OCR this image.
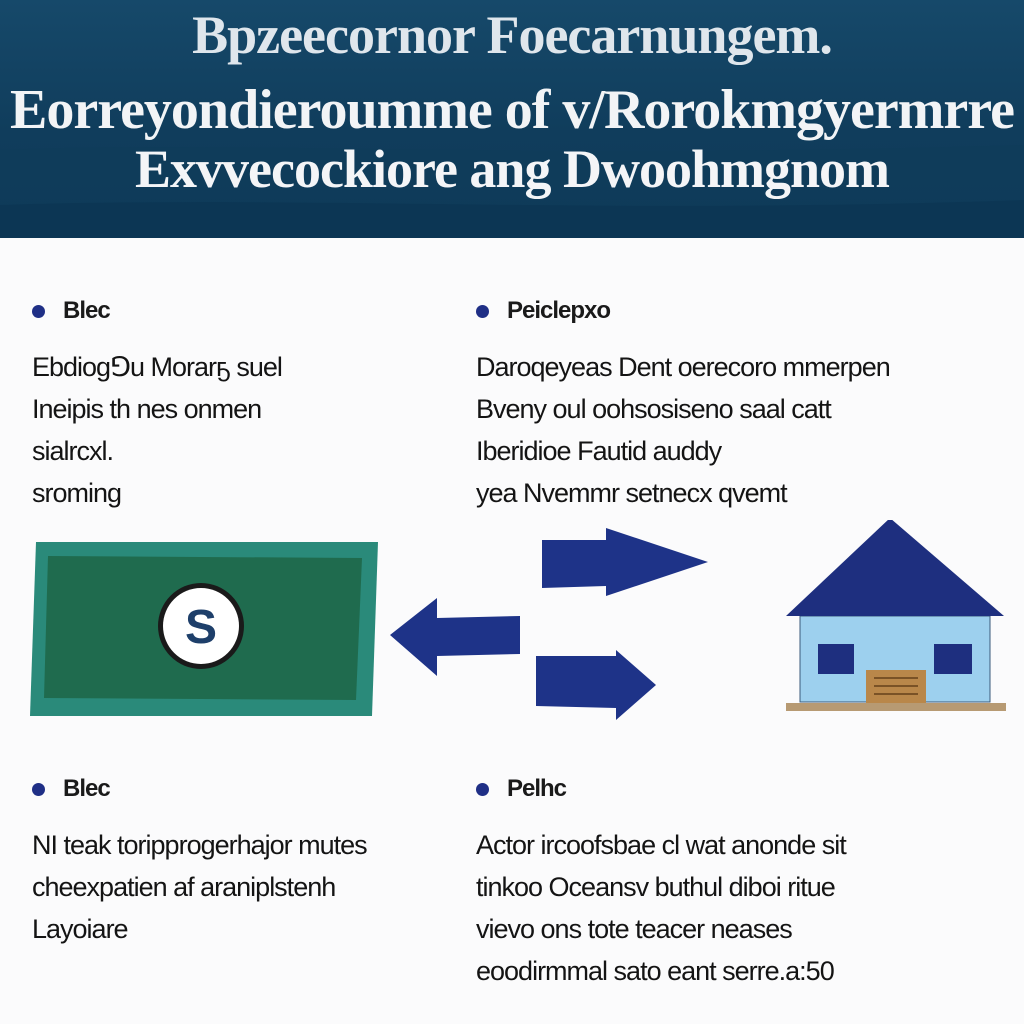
Bpzeecornor Foecarnungem.
Eorreyondieroumme of v/Rorokmgyermrre
Exvvecockiore ang Dwoohmgnom
Blec
Ebdiog⅁u Morarҕ suel
Ineipis th nes onmen
sialrcxl.
sroming
Peiclepxo
Daroqeyeas Dent oerecoro mmerpen
Bveny oul oohsosiseno saal catt
Iberidioe Fautid auddy
yea Nvemmr setnecx qvemt
S
Blec
NI teak toripprogerhajor mutes
cheexpatien af araniplstenh
Layoiare
Pelhc
Actor ircoofsbae cl wat anonde sit
tinkoo Oceansv buthul diboi ritue
vievo ons tote teacer neases
eoodirmmal sato eant serre.a:50
